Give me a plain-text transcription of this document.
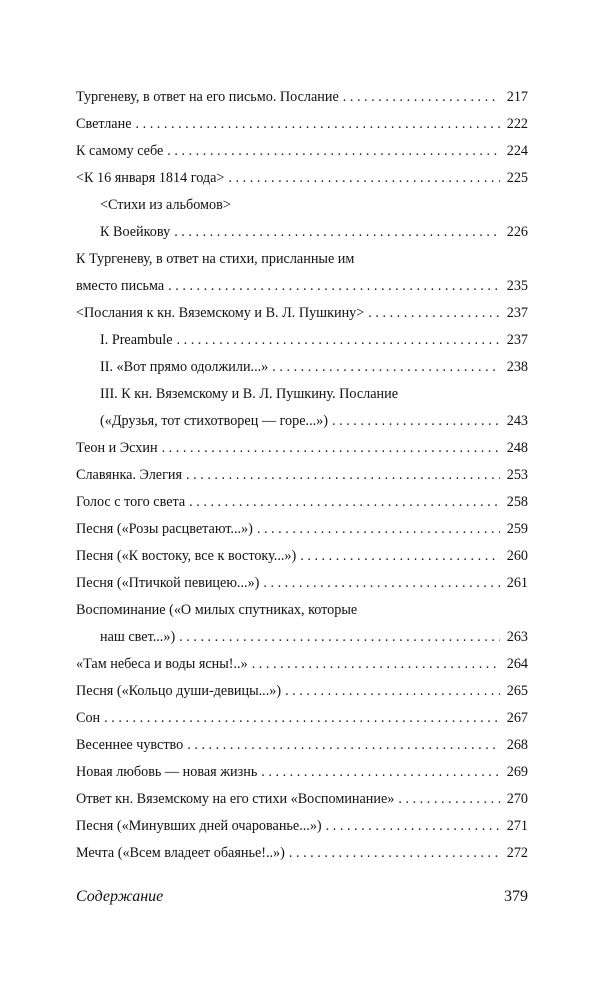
Тургеневу, в ответ на его письмо. Послание . . .	217
Светлане . . .	222
К самому себе . . .	224
<К 16 января 1814 года> . . .	225
<Стихи из альбомов>
К Воейкову . . .	226
К Тургеневу, в ответ на стихи, присланные им
вместо письма . . .	235
<Послания к кн. Вяземскому и В. Л. Пушкину> . . .	237
I. Preambule . . .	237
II. «Вот прямо одолжили...» . . .	238
III. К кн. Вяземскому и В. Л. Пушкину. Послание
(«Друзья, тот стихотворец — горе...») . . .	243
Теон и Эсхин . . .	248
Славянка. Элегия . . .	253
Голос с того света . . .	258
Песня («Розы расцветают...») . . .	259
Песня («К востоку, все к востоку...») . . .	260
Песня («Птичкой певицею...») . . .	261
Воспоминание («О милых спутниках, которые
наш свет...») . . .	263
«Там небеса и воды ясны!..» . . .	264
Песня («Кольцо души-девицы...») . . .	265
Сон . . .	267
Весеннее чувство . . .	268
Новая любовь — новая жизнь . . .	269
Ответ кн. Вяземскому на его стихи «Воспоминание» . . .	270
Песня («Минувших дней очарованье...») . . .	271
Мечта («Всем владеет обаянье!..») . . .	272
Содержание	379
